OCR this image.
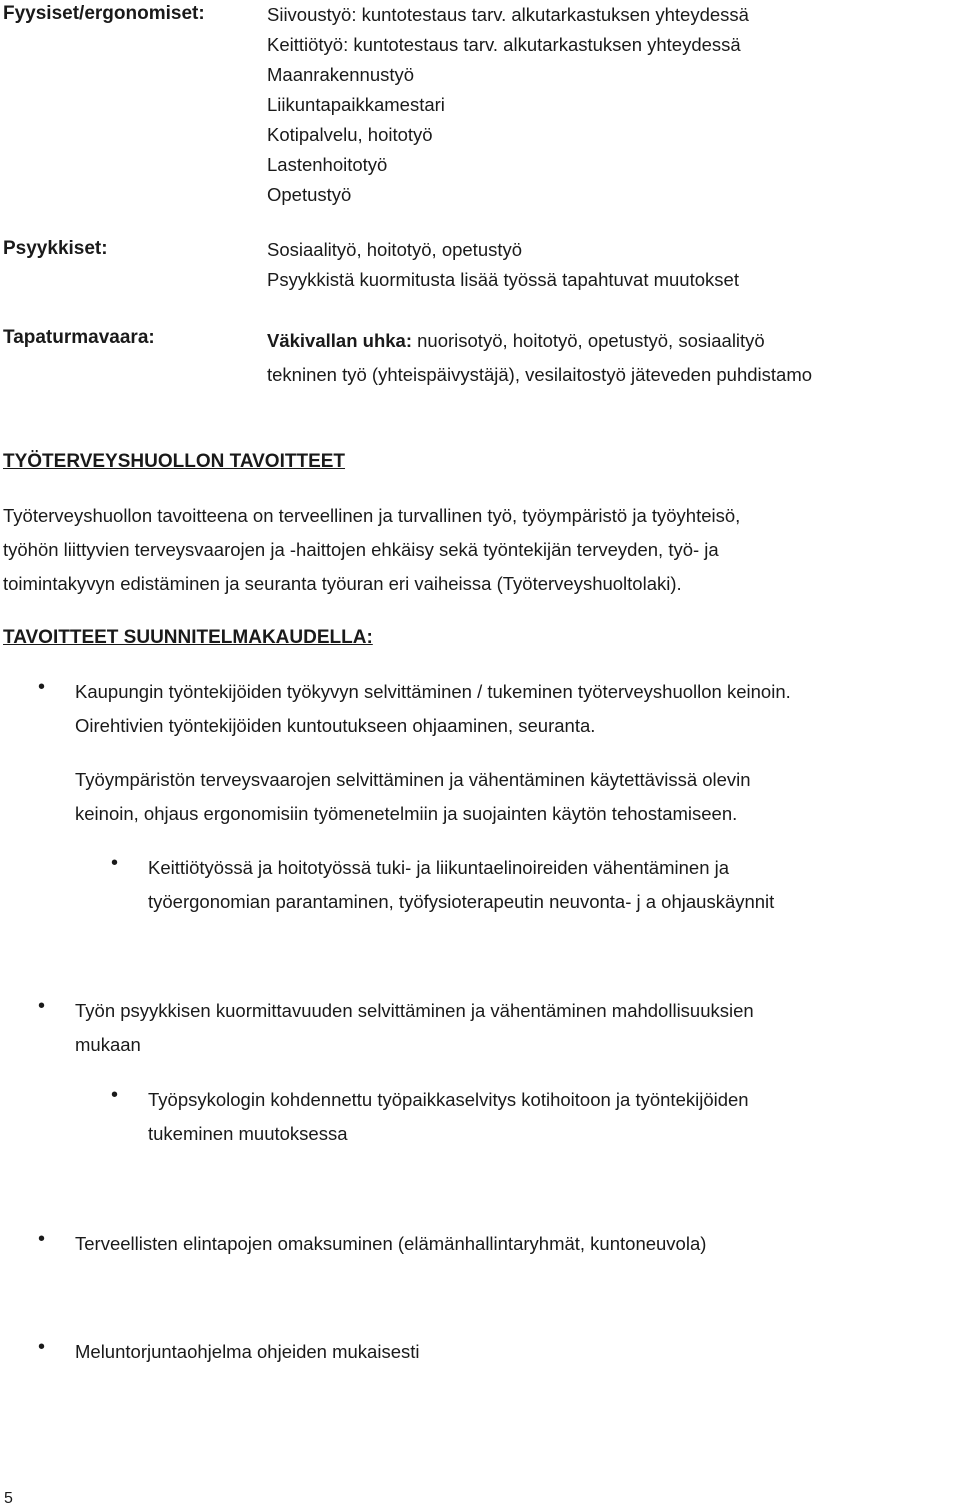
Fyysiset/ergonomiset:	Siivoustyö: kuntotestaus tarv. alkutarkastuksen yhteydessä
Keittiötyö: kuntotestaus tarv. alkutarkastuksen yhteydessä
Maanrakennustyö
Liikuntapaikkamestari
Kotipalvelu, hoitotyö
Lastenhoitotyö
Opetustyö
Psyykkiset:	Sosiaalityö, hoitotyö, opetustyö
Psyykkistä kuormitusta lisää työssä tapahtuvat muutokset
Tapaturmavaara:	Väkivallan uhka: nuorisotyö, hoitotyö, opetustyö, sosiaalityö
tekninen työ (yhteispäivystäjä), vesilaitostyö jäteveden puhdistamo
TYÖTERVEYSHUOLLON TAVOITTEET
Työterveyshuollon tavoitteena on terveellinen ja turvallinen työ, työympäristö ja työyhteisö,
työhön liittyvien terveysvaarojen ja -haittojen ehkäisy sekä työntekijän terveyden, työ- ja
toimintakyvyn edistäminen ja seuranta työuran eri vaiheissa (Työterveyshuoltolaki).
TAVOITTEET SUUNNITELMAKAUDELLA:
• Kaupungin työntekijöiden työkyvyn selvittäminen / tukeminen työterveyshuollon keinoin.
Oirehtivien työntekijöiden kuntoutukseen ohjaaminen, seuranta.
Työympäristön terveysvaarojen selvittäminen ja vähentäminen käytettävissä olevin
keinoin, ohjaus ergonomisiin työmenetelmiin ja suojainten käytön tehostamiseen.
• Keittiötyössä ja hoitotyössä tuki- ja liikuntaelinoireiden vähentäminen ja
työergonomian parantaminen, työfysioterapeutin neuvonta- j a ohjauskäynnit
• Työn psyykkisen kuormittavuuden selvittäminen ja vähentäminen mahdollisuuksien
mukaan
• Työpsykologin kohdennettu työpaikkaselvitys kotihoitoon ja työntekijöiden
tukeminen muutoksessa
• Terveellisten elintapojen omaksuminen (elämänhallintaryhmät, kuntoneuvola)
• Meluntorjuntaohjelma ohjeiden mukaisesti
5
